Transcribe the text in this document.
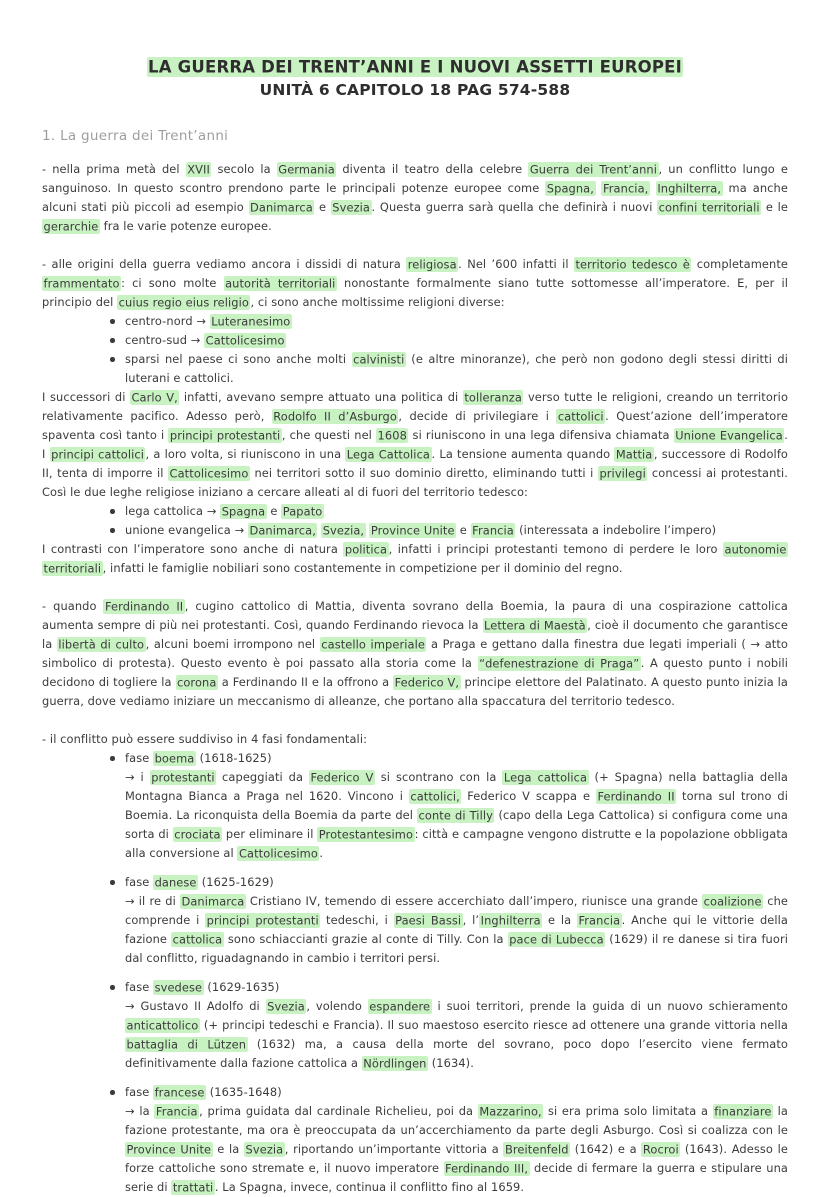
LA GUERRA DEI TRENT’ANNI E I NUOVI ASSETTI EUROPEI
UNITÀ 6 CAPITOLO 18 PAG 574-588
1. La guerra dei Trent’anni
- nella prima metà del XVII secolo la Germania diventa il teatro della celebre Guerra dei Trent’anni , un conflitto lungo e sanguinoso. In questo scontro prendono parte le principali potenze europee come Spagna, Francia, Inghilterra, ma anche alcuni stati più piccoli ad esempio Danimarca e Svezia . Questa guerra sarà quella che definirà i nuovi confini territoriali e le gerarchie fra le varie potenze europee.
- alle origini della guerra vediamo ancora i dissidi di natura religiosa . Nel ’600 infatti il territorio tedesco è completamente frammentato : ci sono molte autorità territoriali nonostante formalmente siano tutte sottomesse all’imperatore. E, per il principio del cuius regio eius religio , ci sono anche moltissime religioni diverse:
centro-nord → Luteranesimo
centro-sud → Cattolicesimo
sparsi nel paese ci sono anche molti calvinisti (e altre minoranze), che però non godono degli stessi diritti di luterani e cattolici.
I successori di Carlo V, infatti, avevano sempre attuato una politica di tolleranza verso tutte le religioni, creando un territorio relativamente pacifico. Adesso però, Rodolfo II d’Asburgo , decide di privilegiare i cattolici . Quest’azione dell’imperatore spaventa così tanto i principi protestanti , che questi nel 1608 si riuniscono in una lega difensiva chiamata Unione Evangelica . I principi cattolici , a loro volta, si riuniscono in una Lega Cattolica . La tensione aumenta quando Mattia , successore di Rodolfo II, tenta di imporre il Cattolicesimo nei territori sotto il suo dominio diretto, eliminando tutti i privilegi concessi ai protestanti. Così le due leghe religiose iniziano a cercare alleati al di fuori del territorio tedesco:
lega cattolica → Spagna e Papato
unione evangelica → Danimarca, Svezia, Province Unite e Francia (interessata a indebolire l’impero)
I contrasti con l’imperatore sono anche di natura politica , infatti i principi protestanti temono di perdere le loro autonomie territoriali , infatti le famiglie nobiliari sono costantemente in competizione per il dominio del regno.
- quando Ferdinando II , cugino cattolico di Mattia, diventa sovrano della Boemia, la paura di una cospirazione cattolica aumenta sempre di più nei protestanti. Così, quando Ferdinando rievoca la Lettera di Maestà , cioè il documento che garantisce la libertà di culto , alcuni boemi irrompono nel castello imperiale a Praga e gettano dalla finestra due legati imperiali ( → atto simbolico di protesta). Questo evento è poi passato alla storia come la “defenestrazione di Praga” . A questo punto i nobili decidono di togliere la corona a Ferdinando II e la offrono a Federico V, principe elettore del Palatinato. A questo punto inizia la guerra, dove vediamo iniziare un meccanismo di alleanze, che portano alla spaccatura del territorio tedesco.
- il conflitto può essere suddiviso in 4 fasi fondamentali:
fase boema (1618-1625)
→ i protestanti capeggiati da Federico V si scontrano con la Lega cattolica (+ Spagna) nella battaglia della Montagna Bianca a Praga nel 1620. Vincono i cattolici, Federico V scappa e Ferdinando II torna sul trono di Boemia. La riconquista della Boemia da parte del conte di Tilly (capo della Lega Cattolica) si configura come una sorta di crociata per eliminare il Protestantesimo : città e campagne vengono distrutte e la popolazione obbligata alla conversione al Cattolicesimo .
fase danese (1625-1629)
→ il re di Danimarca Cristiano IV, temendo di essere accerchiato dall’impero, riunisce una grande coalizione che comprende i principi protestanti tedeschi, i Paesi Bassi , l’ Inghilterra e la Francia . Anche qui le vittorie della fazione cattolica sono schiaccianti grazie al conte di Tilly. Con la pace di Lubecca (1629) il re danese si tira fuori dal conflitto, riguadagnando in cambio i territori persi.
fase svedese (1629-1635)
→ Gustavo II Adolfo di Svezia , volendo espandere i suoi territori, prende la guida di un nuovo schieramento anticattolico (+ principi tedeschi e Francia). Il suo maestoso esercito riesce ad ottenere una grande vittoria nella battaglia di Lützen (1632) ma, a causa della morte del sovrano, poco dopo l’esercito viene fermato definitivamente dalla fazione cattolica a Nördlingen (1634).
fase francese (1635-1648)
→ la Francia , prima guidata dal cardinale Richelieu, poi da Mazzarino, si era prima solo limitata a finanziare la fazione protestante, ma ora è preoccupata da un’accerchiamento da parte degli Asburgo. Così si coalizza con le Province Unite e la Svezia , riportando un’importante vittoria a Breitenfeld (1642) e a Rocroi (1643). Adesso le forze cattoliche sono stremate e, il nuovo imperatore Ferdinando III, decide di fermare la guerra e stipulare una serie di trattati . La Spagna, invece, continua il conflitto fino al 1659.
